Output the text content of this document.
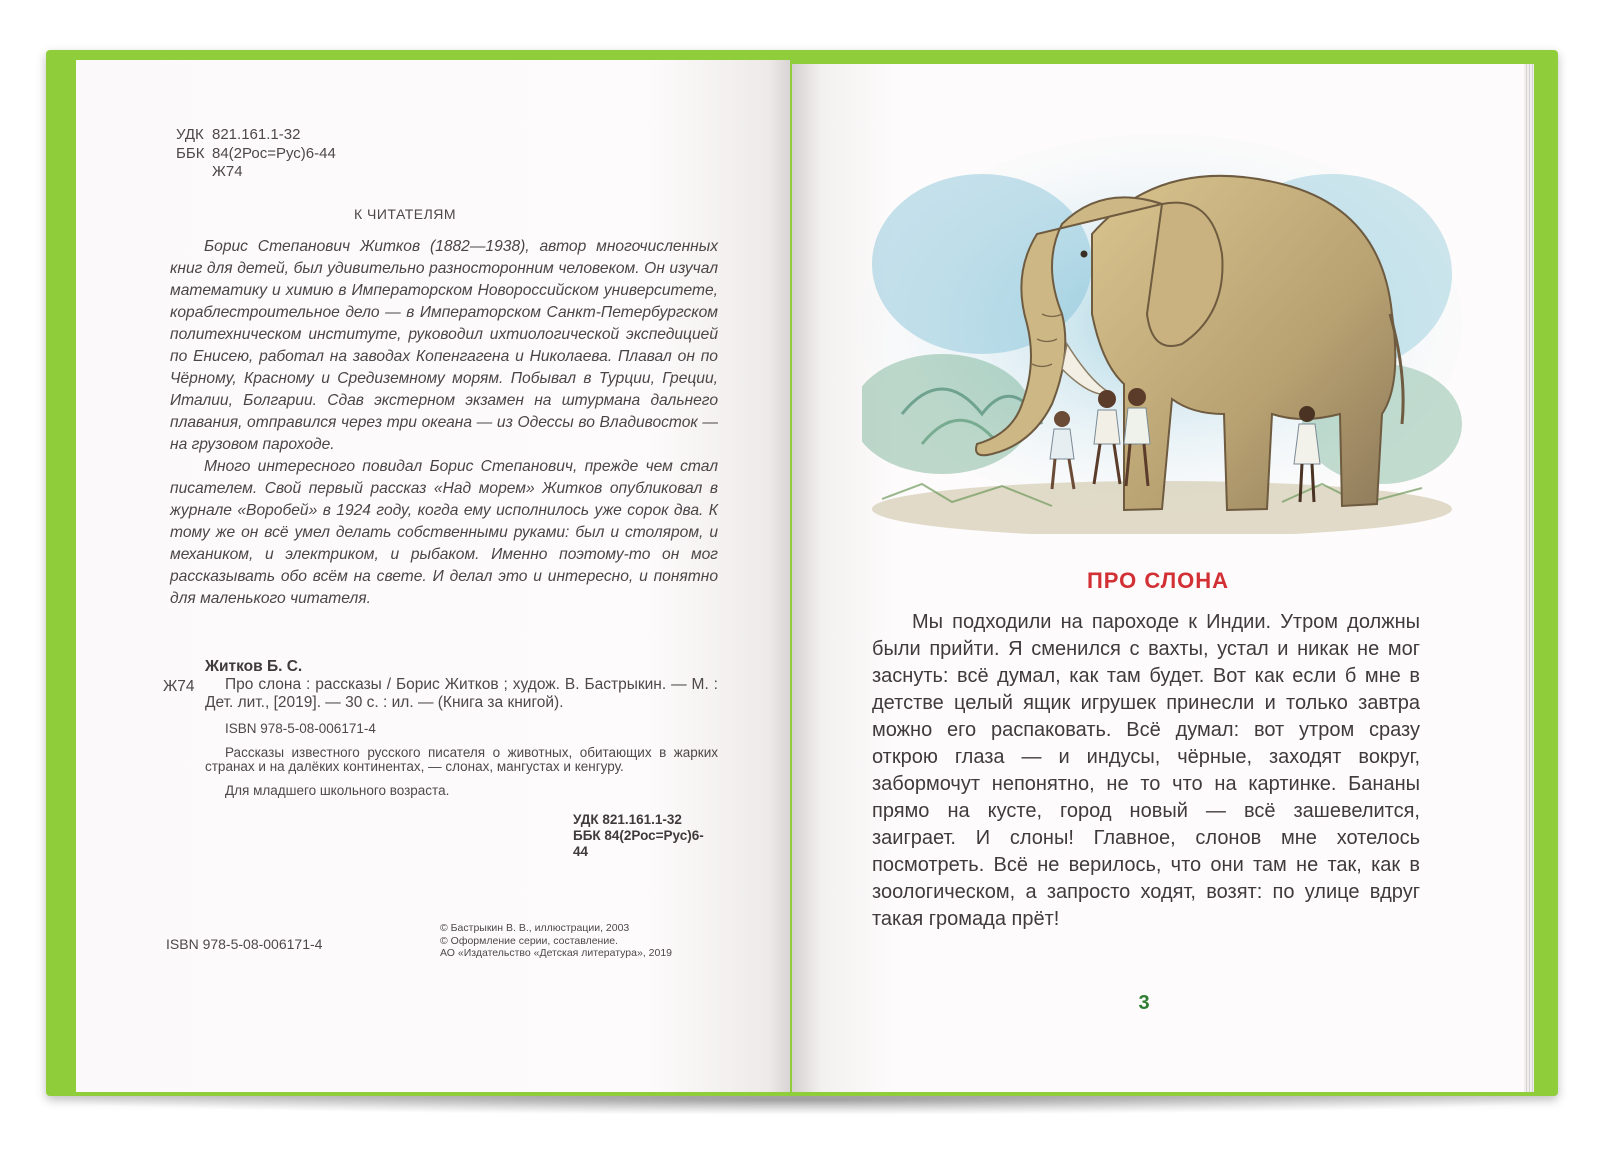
УДК 821.161.1-32
ББК 84(2Рос=Рус)6-44
Ж74
К ЧИТАТЕЛЯМ

Борис Степанович Житков (1882—1938), автор многочисленных книг для детей, был удивительно разносторонним человеком. Он изучал математику и химию в Императорском Новороссийском университете, кораблестроительное дело — в Императорском Санкт-Петербургском политехническом институте, руководил ихтиологической экспедицией по Енисею, работал на заводах Копенгагена и Николаева. Плавал он по Чёрному, Красному и Средиземному морям. Побывал в Турции, Греции, Италии, Болгарии. Сдав экстерном экзамен на штурмана дальнего плавания, отправился через три океана — из Одессы во Владивосток — на грузовом пароходе.

Много интересного повидал Борис Степанович, прежде чем стал писателем. Свой первый рассказ «Над морем» Житков опубликовал в журнале «Воробей» в 1924 году, когда ему исполнилось уже сорок два. К тому же он всё умел делать собственными руками: был и столяром, и механиком, и электриком, и рыбаком. Именно поэтому-то он мог рассказывать обо всём на свете. И делал это и интересно, и понятно для маленького читателя.

Житков Б. С.
Ж74	Про слона : рассказы / Борис Житков ; худож. В. Бастрыкин. — М. : Дет. лит., [2019]. — 30 с. : ил. — (Книга за книгой).
ISBN 978-5-08-006171-4
Рассказы известного русского писателя о животных, обитающих в жарких странах и на далёких континентах, — слонах, мангустах и кенгуру.
Для младшего школьного возраста.
УДК 821.161.1-32
ББК 84(2Рос=Рус)6-44
ISBN 978-5-08-006171-4
© Бастрыкин В. В., иллюстрации, 2003
© Оформление серии, составление.
АО «Издательство «Детская литература», 2019
ПРО СЛОНА

Мы подходили на пароходе к Индии. Утром должны были прийти. Я сменился с вахты, устал и никак не мог заснуть: всё думал, как там будет. Вот как если б мне в детстве целый ящик игрушек принесли и только завтра можно его распаковать. Всё думал: вот утром сразу открою глаза — и индусы, чёрные, заходят вокруг, забормочут непонятно, не то что на картинке. Бананы прямо на кусте, город новый — всё зашевелится, заиграет. И слоны! Главное, слонов мне хотелось посмотреть. Всё не верилось, что они там не так, как в зоологическом, а запросто ходят, возят: по улице вдруг такая громада прёт!

3
